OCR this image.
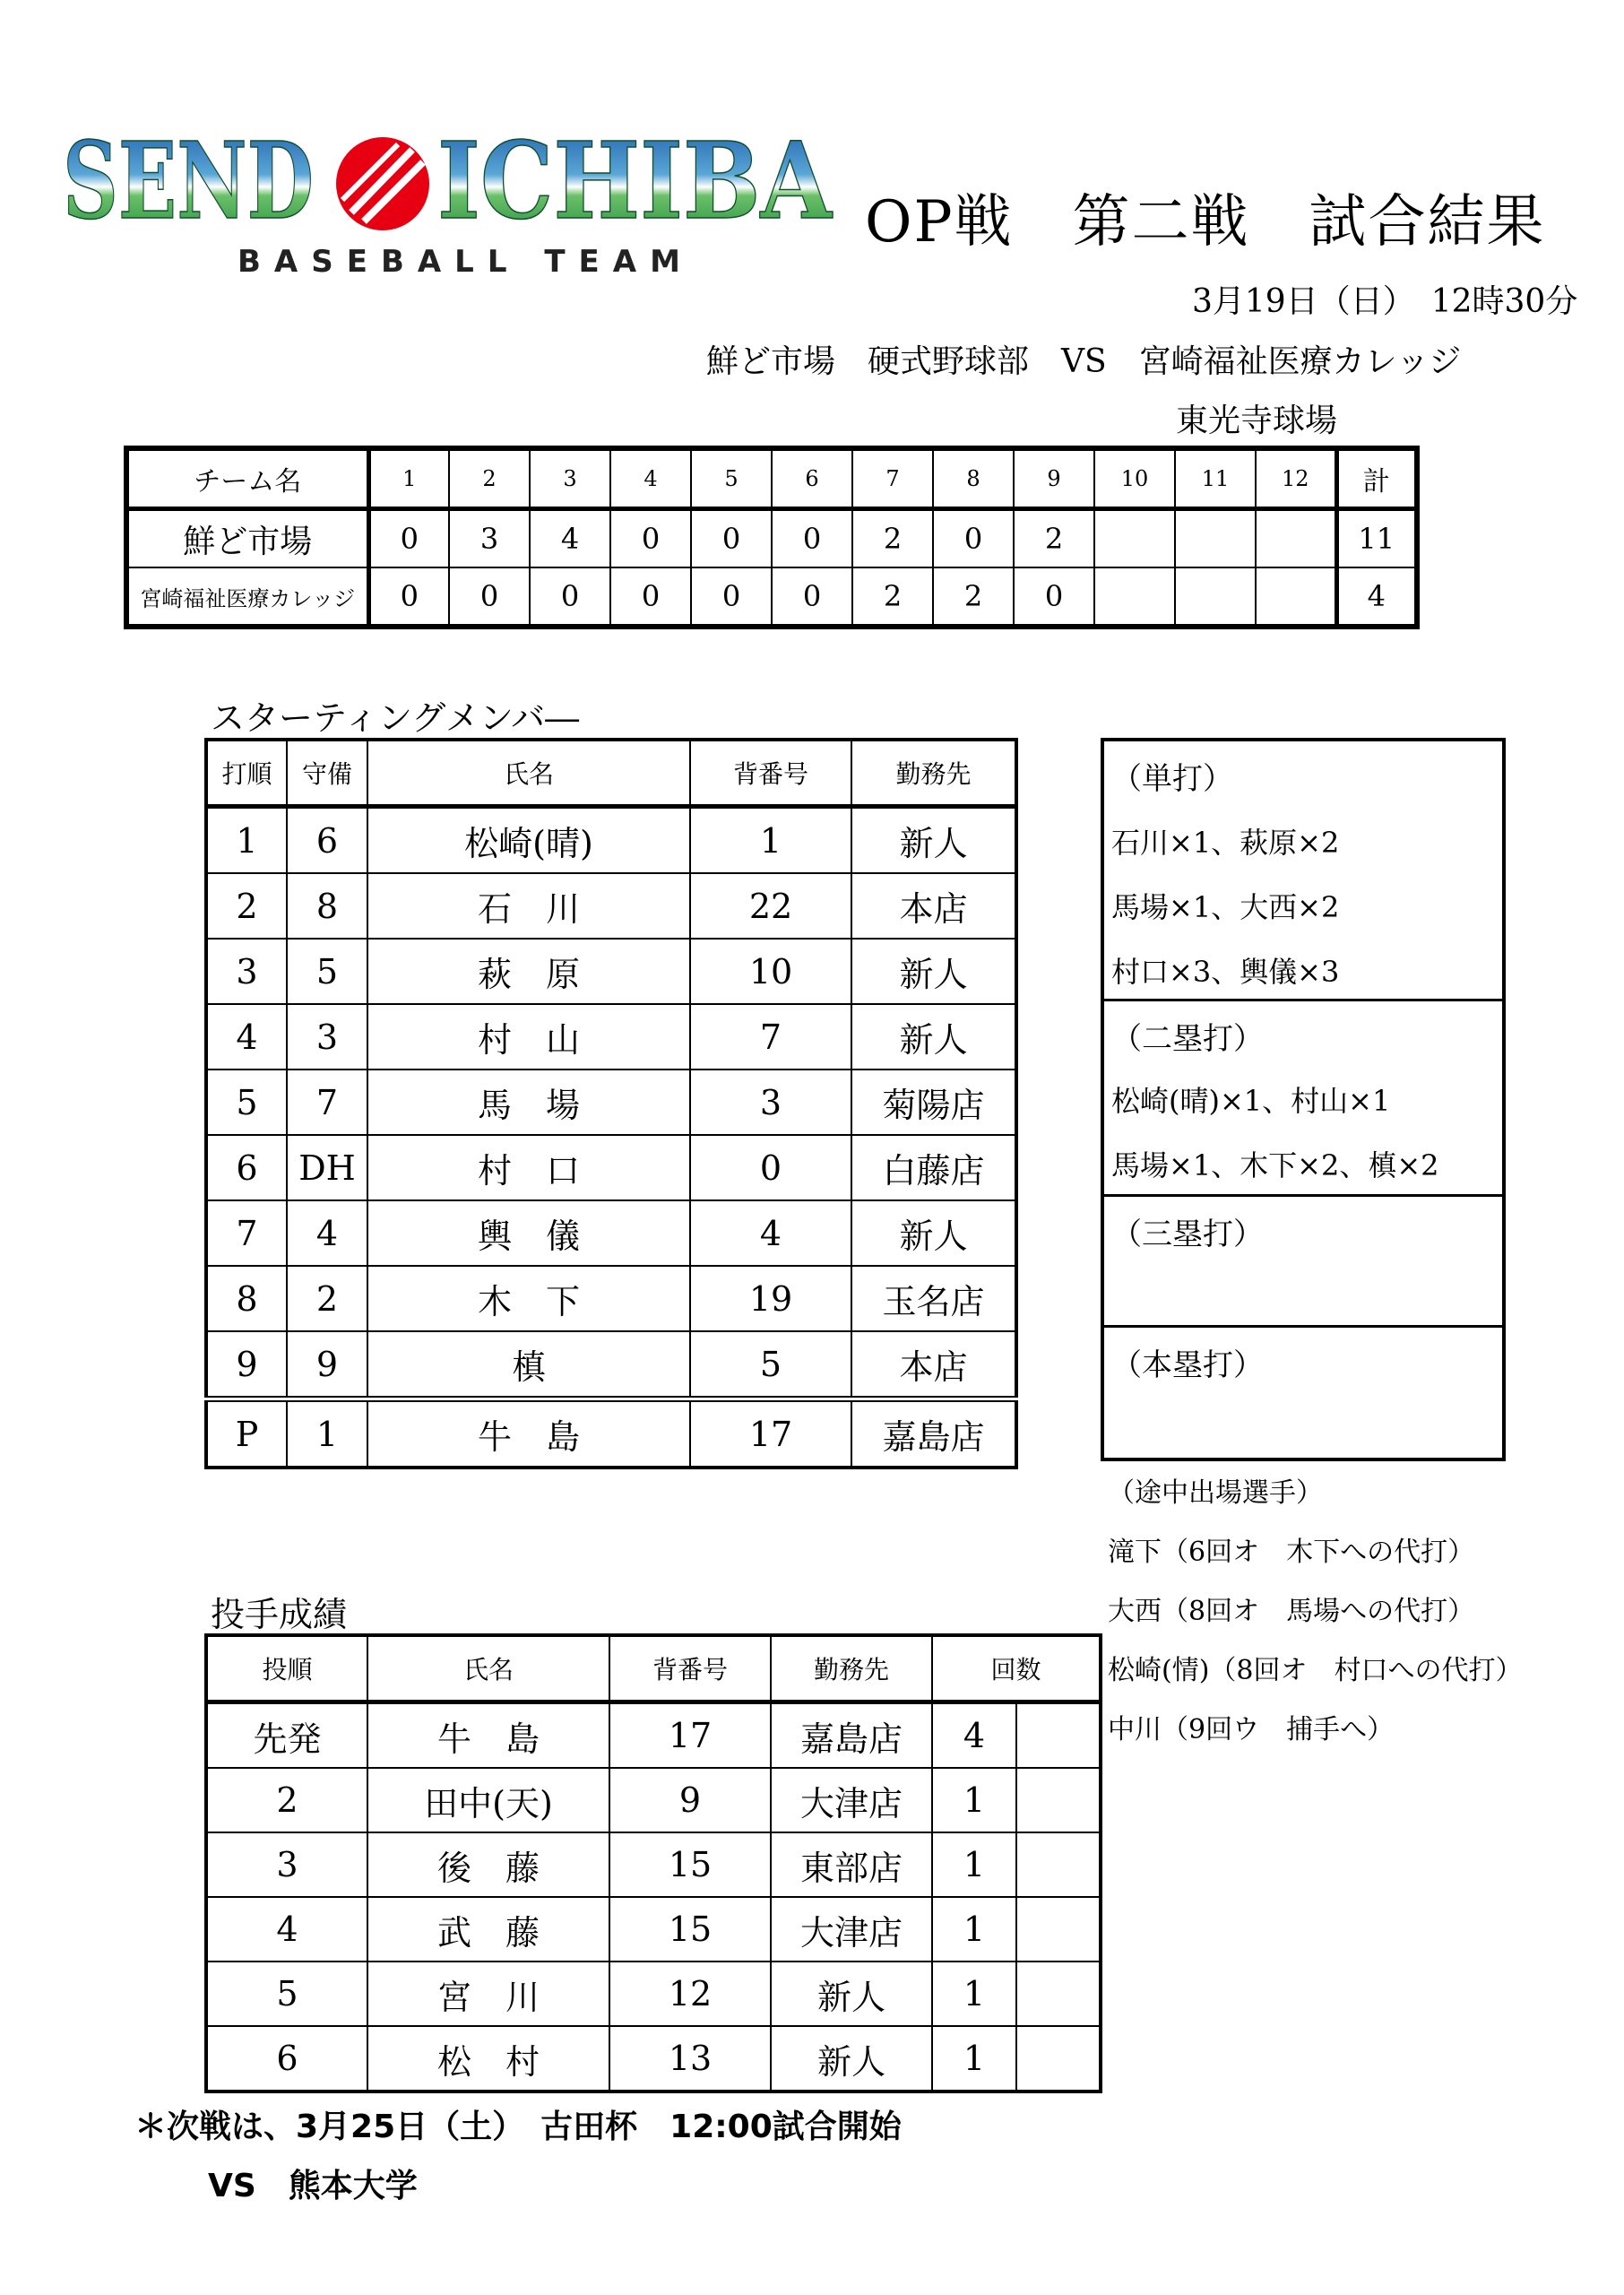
SEND ICHIBA
BASEBALL TEAM
OP戦　第二戦　試合結果
3月19日（日）　12時30分
鮮ど市場　硬式野球部　VS　宮崎福祉医療カレッジ
東光寺球場
チーム名	1	2	3	4	5	6	7	8	9	10	11	12	計
鮮ど市場	0	3	4	0	0	0	2	0	2				11
宮崎福祉医療カレッジ	0	0	0	0	0	0	2	2	0				4
スターティングメンバ―
打順	守備	氏名	背番号	勤務先
1	6	松崎(晴)	1	新人
2	8	石　川	22	本店
3	5	萩　原	10	新人
4	3	村　山	7	新人
5	7	馬　場	3	菊陽店
6	DH	村　口	0	白藤店
7	4	輿　儀	4	新人
8	2	木　下	19	玉名店
9	9	槙	5	本店
P	1	牛　島	17	嘉島店
（単打）
石川×1、萩原×2
馬場×1、大西×2
村口×3、輿儀×3
（二塁打）
松崎(晴)×1、村山×1
馬場×1、木下×2、槙×2
（三塁打）
（本塁打）
（途中出場選手）
滝下（6回オ　木下への代打）
大西（8回オ　馬場への代打）
松崎(情)（8回オ　村口への代打）
中川（9回ウ　捕手へ）
投手成績
投順	氏名	背番号	勤務先	回数	
先発	牛　島	17	嘉島店	4	
2	田中(天)	9	大津店	1	
3	後　藤	15	東部店	1	
4	武　藤	15	大津店	1	
5	宮　川	12	新人	1	
6	松　村	13	新人	1	
＊次戦は、3月25日（土）　古田杯　12:00試合開始
VS　熊本大学
